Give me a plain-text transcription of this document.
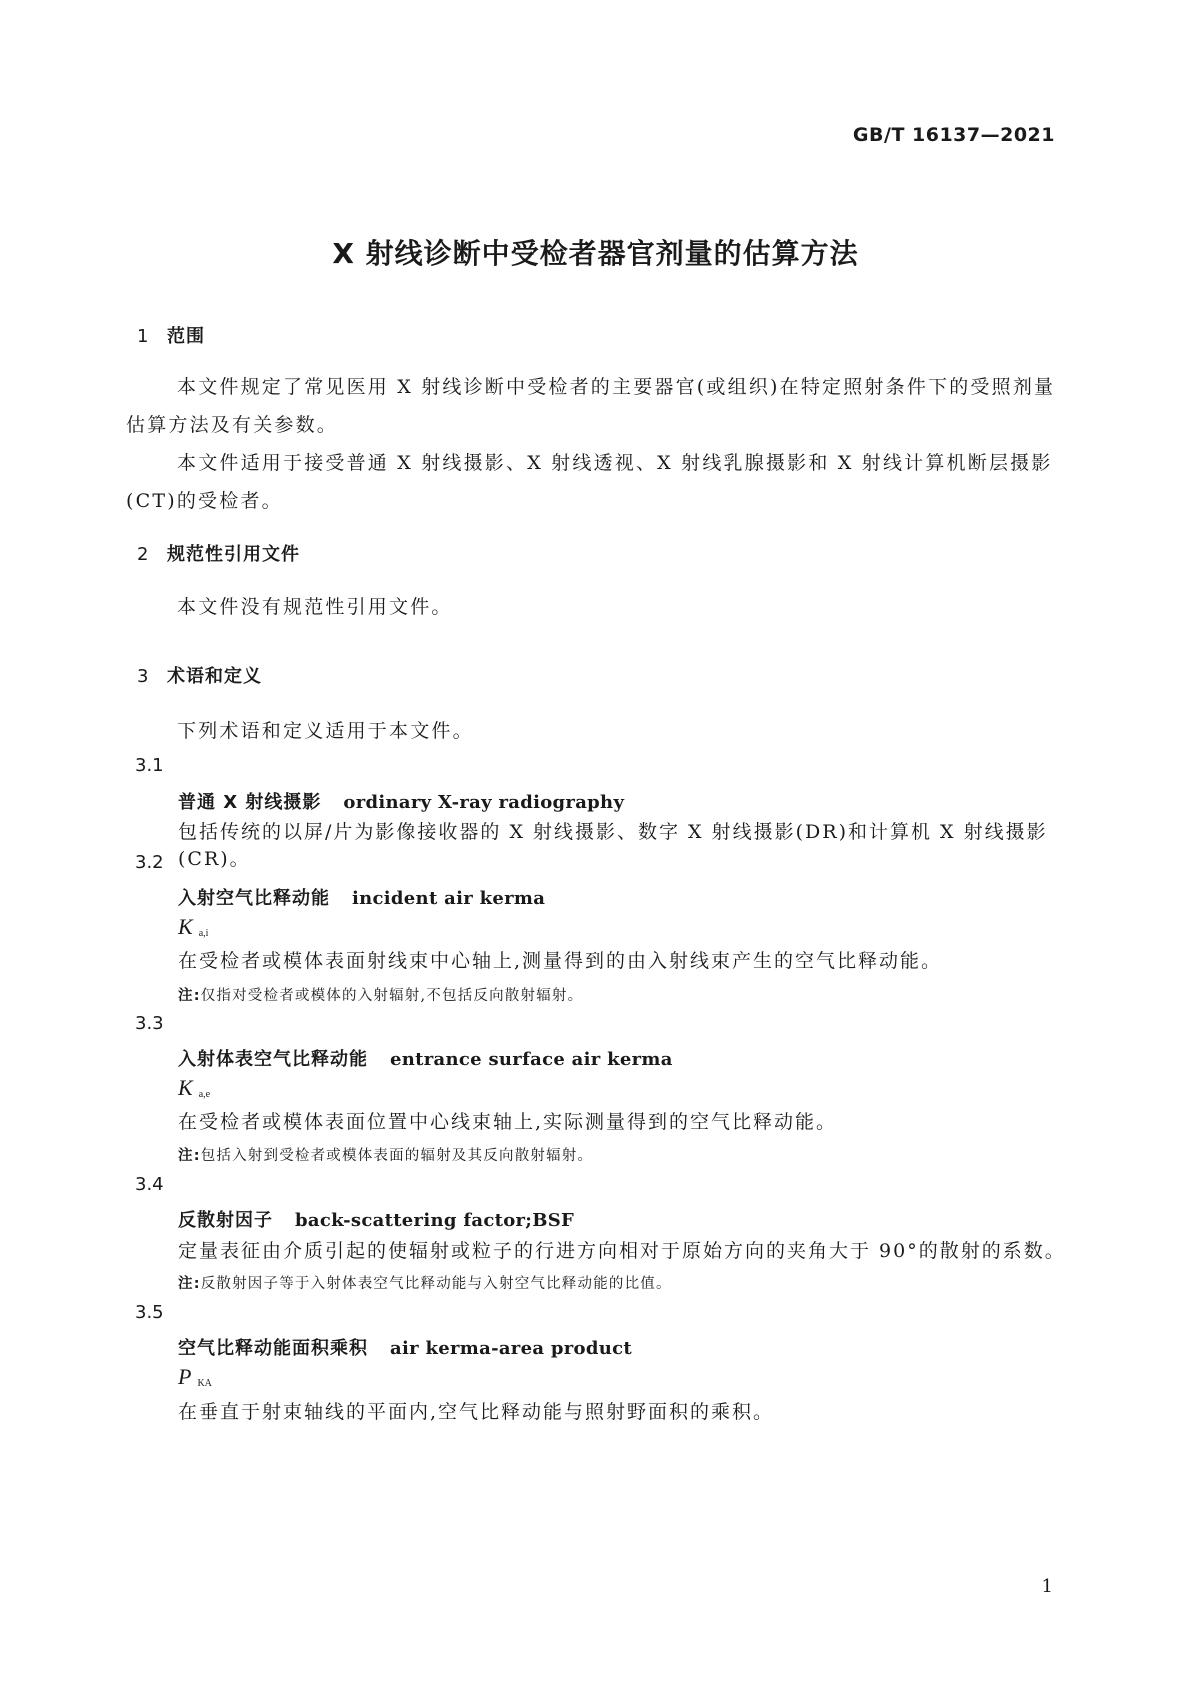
GB/T 16137—2021
X 射线诊断中受检者器官剂量的估算方法
1 范围

本文件规定了常见医用 X 射线诊断中受检者的主要器官(或组织)在特定照射条件下的受照剂量估算方法及有关参数。

本文件适用于接受普通 X 射线摄影、X 射线透视、X 射线乳腺摄影和 X 射线计算机断层摄影(CT)的受检者。

2 规范性引用文件

本文件没有规范性引用文件。

3 术语和定义

下列术语和定义适用于本文件。

3.1
普通 X 射线摄影 ordinary X-ray radiography
包括传统的以屏/片为影像接收器的 X 射线摄影、数字 X 射线摄影(DR)和计算机 X 射线摄影(CR)。
3.2
入射空气比释动能 incident air kerma
K $_{a,i}$
在受检者或模体表面射线束中心轴上,测量得到的由入射线束产生的空气比释动能。
注:仅指对受检者或模体的入射辐射,不包括反向散射辐射。
3.3
入射体表空气比释动能 entrance surface air kerma
K $_{a,e}$
在受检者或模体表面位置中心线束轴上,实际测量得到的空气比释动能。
注:包括入射到受检者或模体表面的辐射及其反向散射辐射。
3.4
反散射因子 back-scattering factor;BSF
定量表征由介质引起的使辐射或粒子的行进方向相对于原始方向的夹角大于 90°的散射的系数。
注:反散射因子等于入射体表空气比释动能与入射空气比释动能的比值。
3.5
空气比释动能面积乘积 air kerma-area product
P $_{KA}$
在垂直于射束轴线的平面内,空气比释动能与照射野面积的乘积。
1
